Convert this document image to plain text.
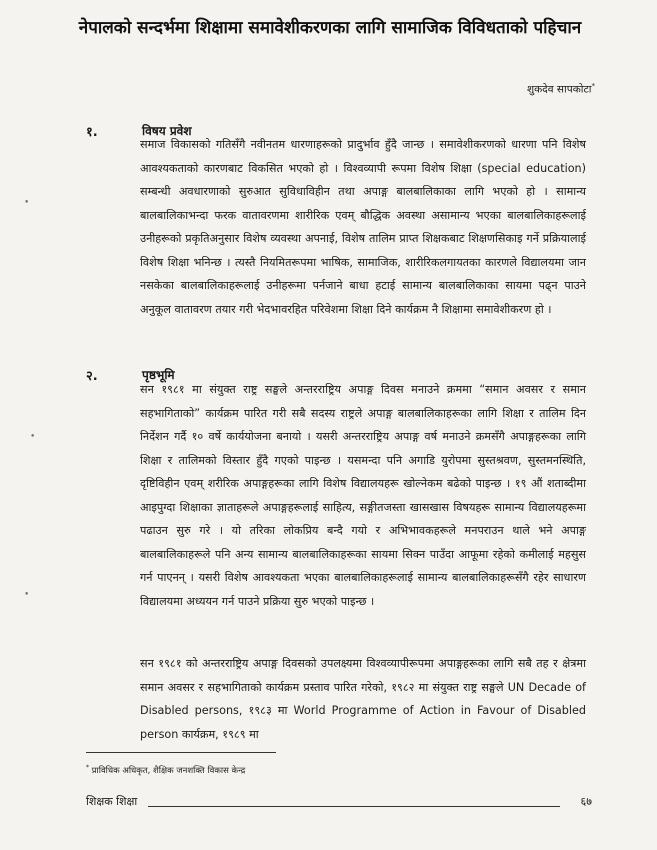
नेपालको सन्दर्भमा शिक्षामा समावेशीकरणका लागि सामाजिक विविधताको पहिचान
शुकदेव सापकोटा*
१.	विषय प्रवेश
समाज विकासको गतिसँगै नवीनतम धारणाहरूको प्रादुर्भाव हुँदै जान्छ । समावेशीकरणको धारणा पनि विशेष आवश्यकताको कारणबाट विकसित भएको हो । विश्वव्यापी रूपमा विशेष शिक्षा (special education) सम्बन्धी अवधारणाको सुरुआत सुविधाविहीन तथा अपाङ्ग बालबालिकाका लागि भएको हो । सामान्य बालबालिकाभन्दा फरक वातावरणमा शारीरिक एवम् बौद्धिक अवस्था असामान्य भएका बालबालिकाहरूलाई उनीहरूको प्रकृतिअनुसार विशेष व्यवस्था अपनाई, विशेष तालिम प्राप्त शिक्षकबाट शिक्षणसिकाइ गर्ने प्रक्रियालाई विशेष शिक्षा भनिन्छ । त्यस्तै नियमितरूपमा भाषिक, सामाजिक, शारीरिकलगायतका कारणले विद्यालयमा जान नसकेका बालबालिकाहरूलाई उनीहरूमा पर्नजाने बाधा हटाई सामान्य बालबालिकाका सायमा पढ्न पाउने अनुकूल वातावरण तयार गरी भेदभावरहित परिवेशमा शिक्षा दिने कार्यक्रम नै शिक्षामा समावेशीकरण हो ।
२.	पृष्ठभूमि
सन १९८१ मा संयुक्त राष्ट्र सङ्घले अन्तरराष्ट्रिय अपाङ्ग दिवस मनाउने क्रममा “समान अवसर र समान सहभागिताको” कार्यक्रम पारित गरी सबै सदस्य राष्ट्रले अपाङ्ग बालबालिकाहरूका लागि शिक्षा र तालिम दिन निर्देशन गर्दै १० वर्षे कार्ययोजना बनायो । यसरी अन्तरराष्ट्रिय अपाङ्ग वर्ष मनाउने क्रमसँगै अपाङ्गहरूका लागि शिक्षा र तालिमको विस्तार हुँदै गएको पाइन्छ । यसमन्दा पनि अगाडि युरोपमा सुस्तश्रवण, सुस्तमनस्थिति, दृष्टिविहीन एवम् शरीरिक अपाङ्गहरूका लागि विशेष विद्यालयहरू खोल्नेकम बढेको पाइन्छ । १९ औं शताब्दीमा आइपुग्दा शिक्षाका ज्ञाताहरूले अपाङ्गहरूलाई साहित्य, सङ्गीतजस्ता खासखास विषयहरू सामान्य विद्यालयहरूमा पढाउन सुरु गरे । यो तरिका लोकप्रिय बन्दै गयो र अभिभावकहरूले मनपराउन थाले भने अपाङ्ग बालबालिकाहरूले पनि अन्य सामान्य बालबालिकाहरूका सायमा सिक्न पाउँदा आफूमा रहेको कमीलाई महसुस गर्न पाएनन् । यसरी विशेष आवश्यकता भएका बालबालिकाहरूलाई सामान्य बालबालिकाहरूसँगै रहेर साधारण विद्यालयमा अध्ययन गर्न पाउने प्रक्रिया सुरु भएको पाइन्छ ।
सन १९८१ को अन्तरराष्ट्रिय अपाङ्ग दिवसको उपलक्ष्यमा विश्वव्यापीरूपमा अपाङ्गहरूका लागि सबै तह र क्षेत्रमा समान अवसर र सहभागिताको कार्यक्रम प्रस्ताव पारित गरेको, १९८२ मा संयुक्त राष्ट्र सङ्घले UN Decade of Disabled persons, १९८३ मा World Programme of Action in Favour of Disabled person कार्यक्रम, १९८९ मा
•
•
•
* प्राविधिक अधिकृत, शैक्षिक जनशक्ति विकास केन्द्र
शिक्षक शिक्षा	६७
